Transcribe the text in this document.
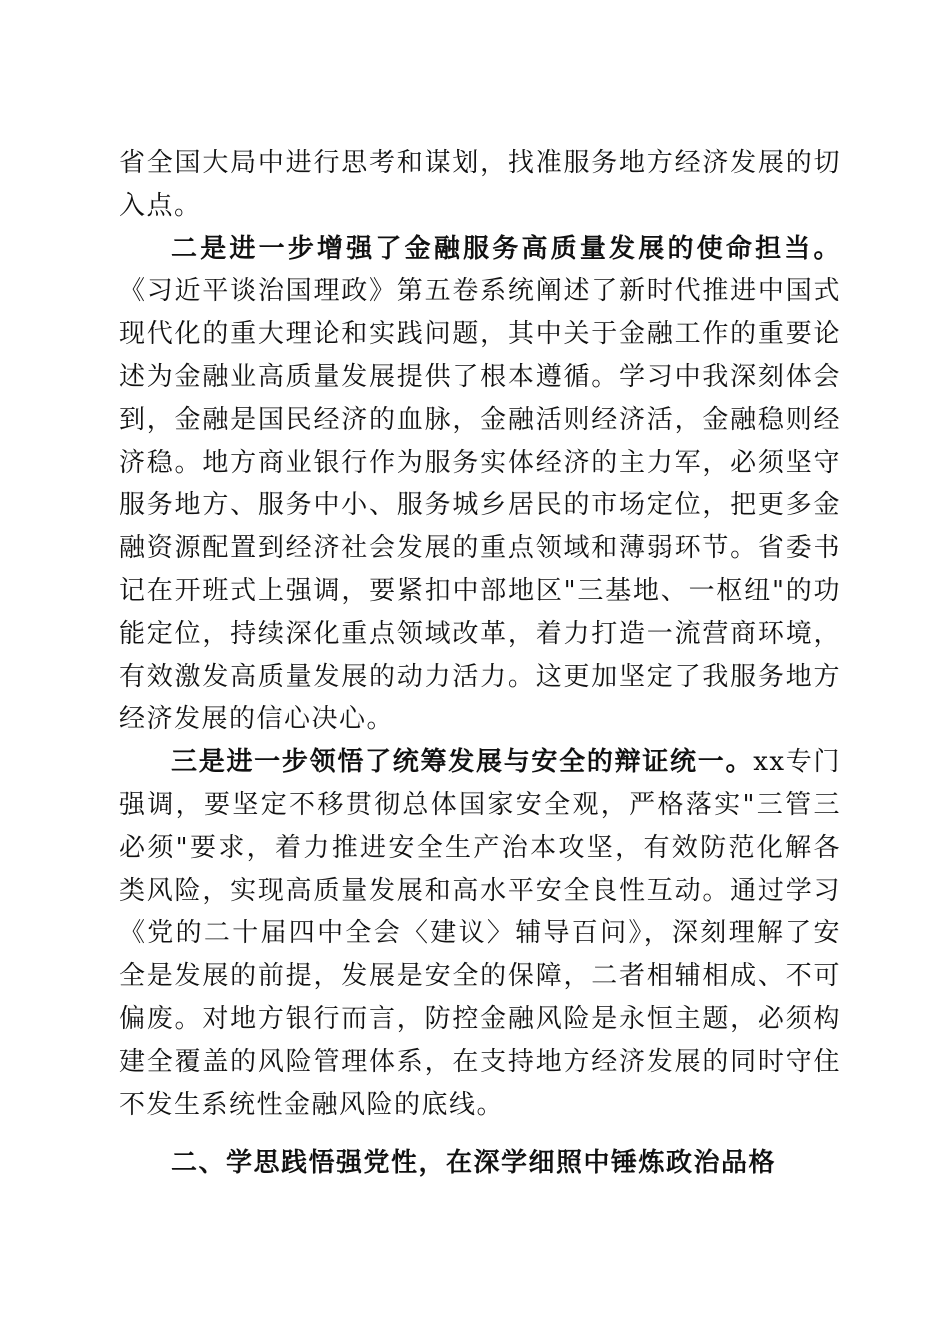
省全国大局中进行思考和谋划，找准服务地方经济发展的切入点。

二是进一步增强了金融服务高质量发展的使命担当。《习近平谈治国理政》第五卷系统阐述了新时代推进中国式现代化的重大理论和实践问题，其中关于金融工作的重要论述为金融业高质量发展提供了根本遵循。学习中我深刻体会到，金融是国民经济的血脉，金融活则经济活，金融稳则经济稳。地方商业银行作为服务实体经济的主力军，必须坚守服务地方、服务中小、服务城乡居民的市场定位，把更多金融资源配置到经济社会发展的重点领域和薄弱环节。省委书记在开班式上强调，要紧扣中部地区"三基地、一枢纽"的功能定位，持续深化重点领域改革，着力打造一流营商环境，有效激发高质量发展的动力活力。这更加坚定了我服务地方经济发展的信心决心。

三是进一步领悟了统筹发展与安全的辩证统一。xx专门强调，要坚定不移贯彻总体国家安全观，严格落实"三管三必须"要求，着力推进安全生产治本攻坚，有效防范化解各类风险，实现高质量发展和高水平安全良性互动。通过学习《党的二十届四中全会〈建议〉辅导百问》，深刻理解了安全是发展的前提，发展是安全的保障，二者相辅相成、不可偏废。对地方银行而言，防控金融风险是永恒主题，必须构建全覆盖的风险管理体系，在支持地方经济发展的同时守住不发生系统性金融风险的底线。

二、学思践悟强党性，在深学细照中锤炼政治品格
